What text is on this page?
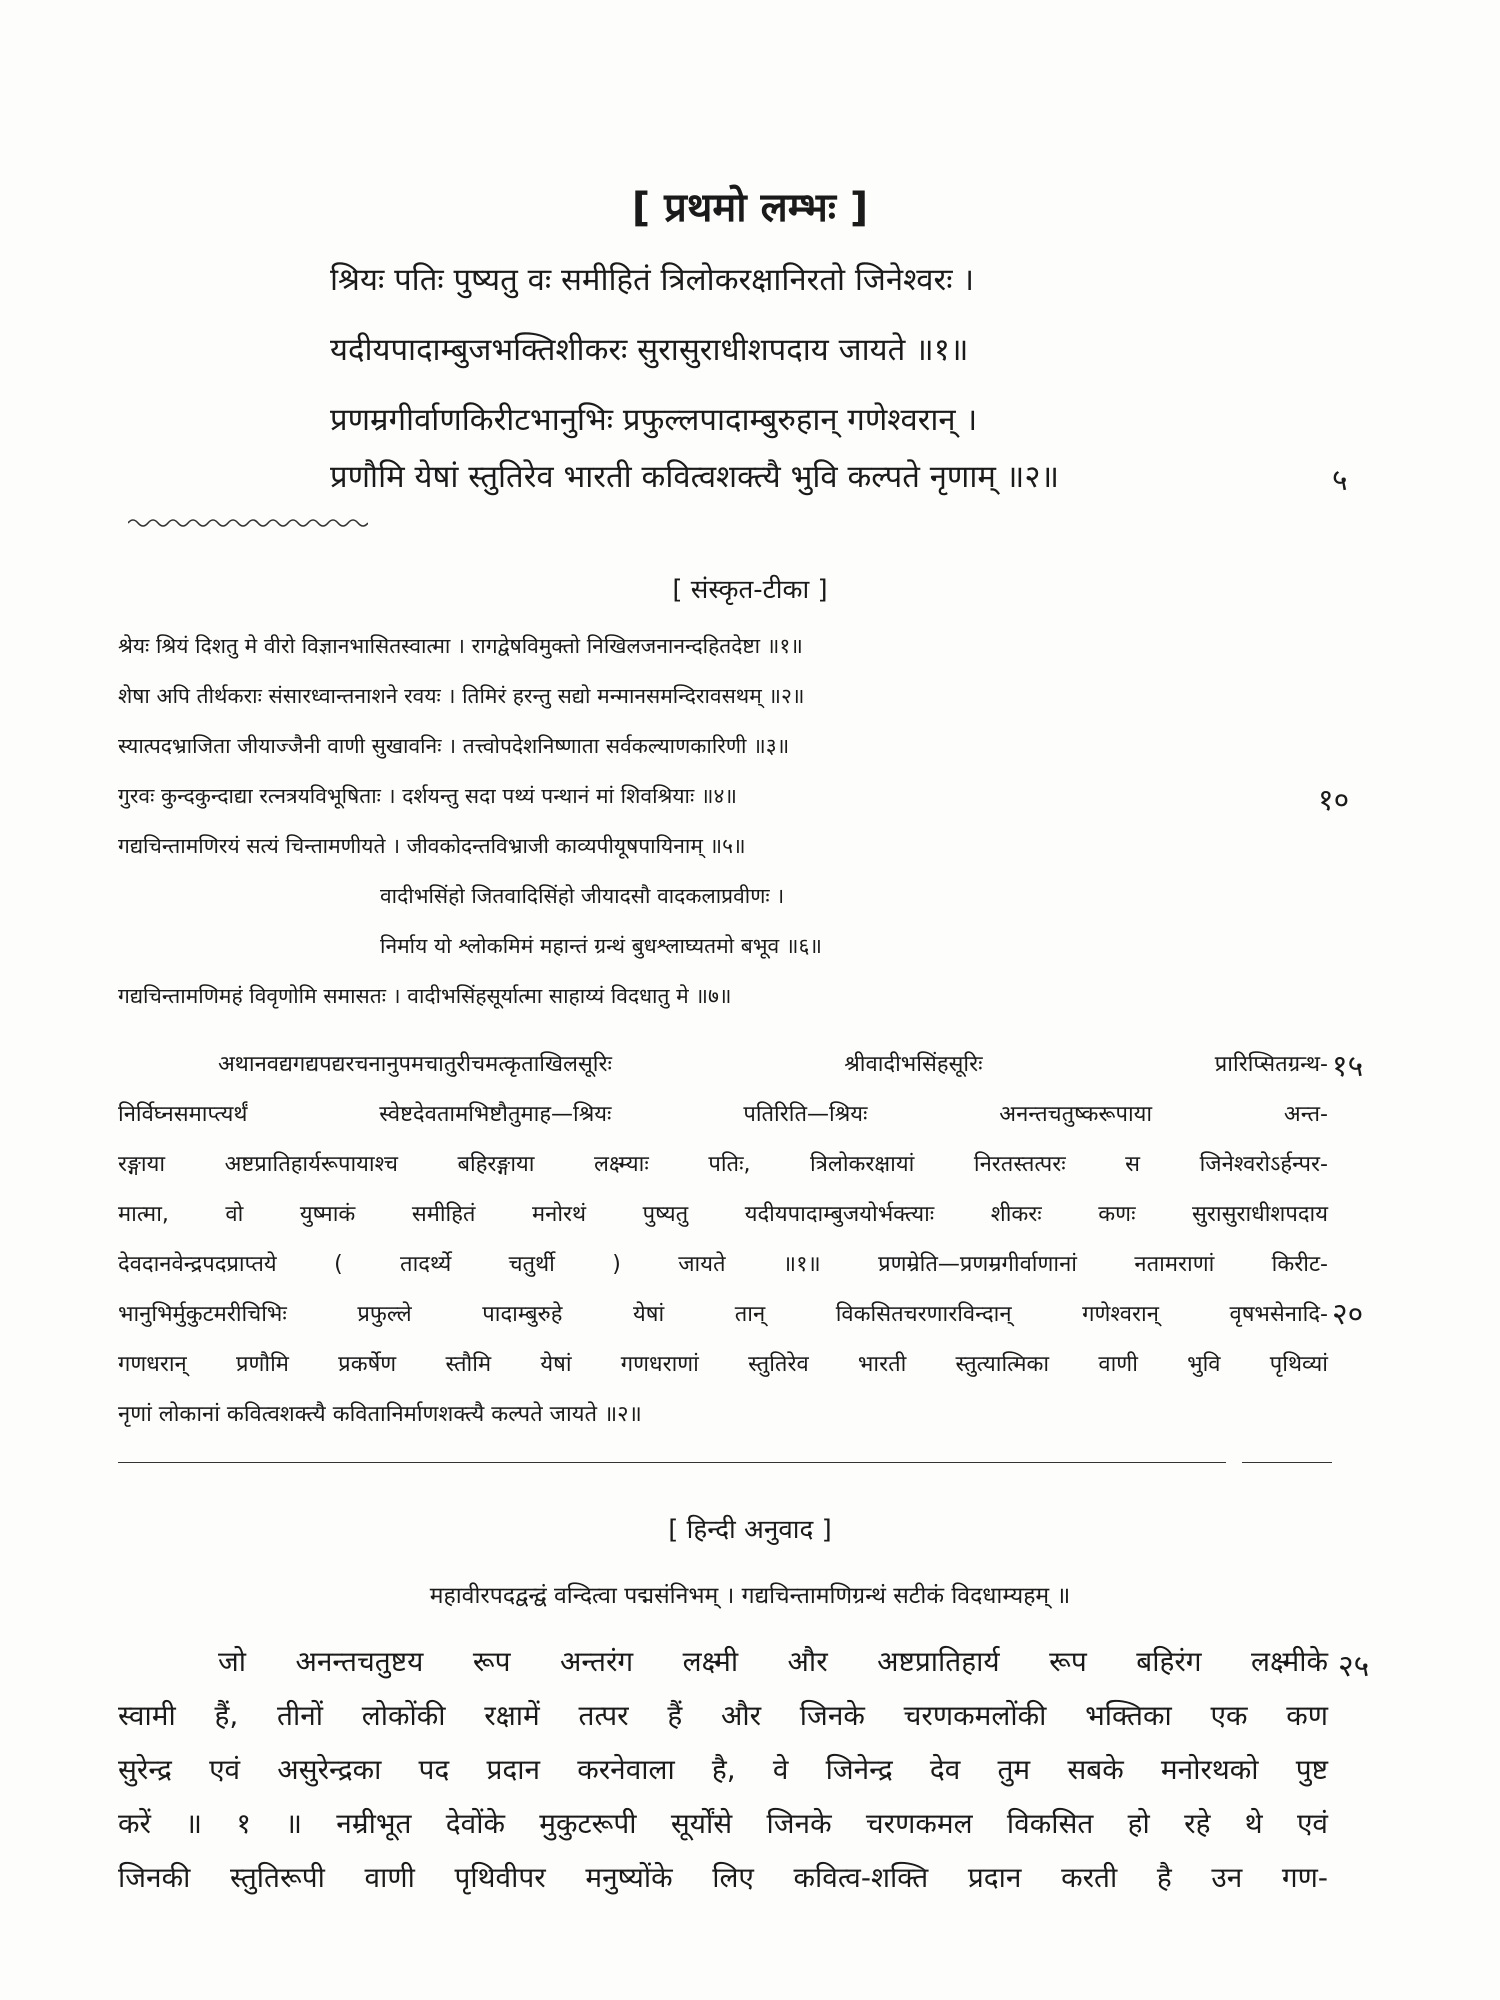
[ प्रथमो लम्भः ]
श्रियः पतिः पुष्यतु वः समीहितं त्रिलोकरक्षानिरतो जिनेश्वरः ।
यदीयपादाम्बुजभक्तिशीकरः सुरासुराधीशपदाय जायते ॥१॥
प्रणम्रगीर्वाणकिरीटभानुभिः प्रफुल्लपादाम्बुरुहान् गणेश्वरान् ।
प्रणौमि येषां स्तुतिरेव भारती कवित्वशक्त्यै भुवि कल्पते नृणाम् ॥२॥	५
[ संस्कृत-टीका ]
श्रेयः श्रियं दिशतु मे वीरो विज्ञानभासितस्वात्मा । रागद्वेषविमुक्तो निखिलजनानन्दहितदेष्टा ॥१॥
शेषा अपि तीर्थकराः संसारध्वान्तनाशने रवयः । तिमिरं हरन्तु सद्यो मन्मानसमन्दिरावसथम् ॥२॥
स्यात्पदभ्राजिता जीयाज्जैनी वाणी सुखावनिः । तत्त्वोपदेशनिष्णाता सर्वकल्याणकारिणी ॥३॥
गुरवः कुन्दकुन्दाद्या रत्नत्रयविभूषिताः । दर्शयन्तु सदा पथ्यं पन्थानं मां शिवश्रियाः ॥४॥	१०
गद्यचिन्तामणिरयं सत्यं चिन्तामणीयते । जीवकोदन्तविभ्राजी काव्यपीयूषपायिनाम् ॥५॥
वादीभसिंहो जितवादिसिंहो जीयादसौ वादकलाप्रवीणः ।
निर्माय यो श्लोकमिमं महान्तं ग्रन्थं बुधश्लाघ्यतमो बभूव ॥६॥
गद्यचिन्तामणिमहं विवृणोमि समासतः । वादीभसिंहसूर्यात्मा साहाय्यं विदधातु मे ॥७॥
अथानवद्यगद्यपद्यरचनानुपमचातुरीचमत्कृताखिलसूरिः श्रीवादीभसिंहसूरिः प्रारिप्सितग्रन्थ- १५
निर्विघ्नसमाप्त्यर्थं स्वेष्टदेवतामभिष्टौतुमाह—श्रियः पतिरिति—श्रियः अनन्तचतुष्करूपाया अन्त-
रङ्गाया अष्टप्रातिहार्यरूपायाश्च बहिरङ्गाया लक्ष्म्याः पतिः, त्रिलोकरक्षायां निरतस्तत्परः स जिनेश्वरोऽर्हन्पर-
मात्मा, वो युष्माकं समीहितं मनोरथं पुष्यतु यदीयपादाम्बुजयोर्भक्त्याः शीकरः कणः सुरासुराधीशपदाय
देवदानवेन्द्रपदप्राप्तये ( तादर्थ्ये चतुर्थी ) जायते ॥१॥ प्रणम्रेति—प्रणम्रगीर्वाणानां नतामराणां किरीट-
भानुभिर्मुकुटमरीचिभिः प्रफुल्ले पादाम्बुरुहे येषां तान् विकसितचरणारविन्दान् गणेश्वरान् वृषभसेनादि- २०
गणधरान् प्रणौमि प्रकर्षेण स्तौमि येषां गणधराणां स्तुतिरेव भारती स्तुत्यात्मिका वाणी भुवि पृथिव्यां
नृणां लोकानां कवित्वशक्त्यै कवितानिर्माणशक्त्यै कल्पते जायते ॥२॥
[ हिन्दी अनुवाद ]
महावीरपदद्वन्द्वं वन्दित्वा पद्मसंनिभम् । गद्यचिन्तामणिग्रन्थं सटीकं विदधाम्यहम् ॥
जो अनन्तचतुष्टय रूप अन्तरंग लक्ष्मी और अष्टप्रातिहार्य रूप बहिरंग लक्ष्मीके २५
स्वामी हैं, तीनों लोकोंकी रक्षामें तत्पर हैं और जिनके चरणकमलोंकी भक्तिका एक कण
सुरेन्द्र एवं असुरेन्द्रका पद प्रदान करनेवाला है, वे जिनेन्द्र देव तुम सबके मनोरथको पुष्ट
करें ॥ १ ॥ नम्रीभूत देवोंके मुकुटरूपी सूर्योंसे जिनके चरणकमल विकसित हो रहे थे एवं
जिनकी स्तुतिरूपी वाणी पृथिवीपर मनुष्योंके लिए कवित्व-शक्ति प्रदान करती है उन गण-
